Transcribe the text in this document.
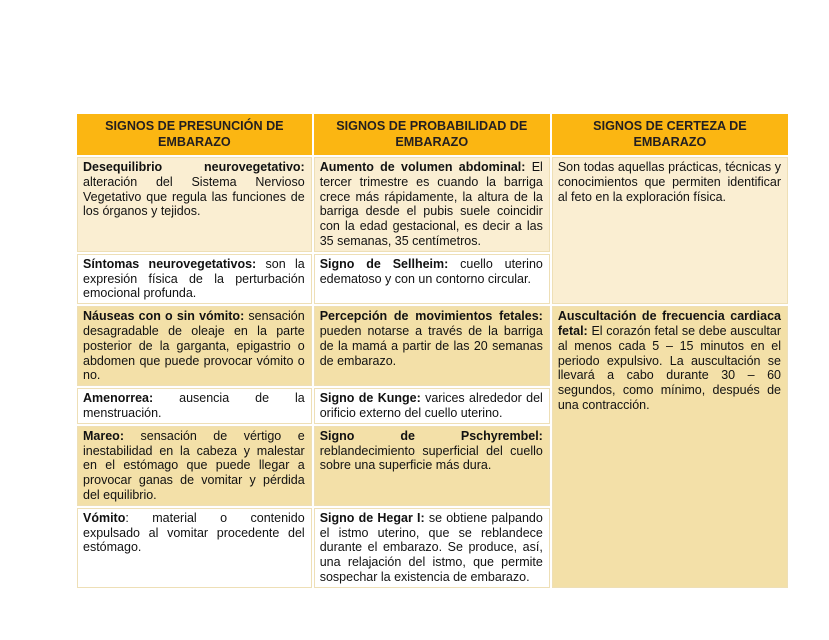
SIGNOS DE PRESUNCIÓN DE EMBARAZO	SIGNOS DE PROBABILIDAD DE EMBARAZO	SIGNOS DE CERTEZA DE EMBARAZO
Desequilibrio neurovegetativo: alteración del Sistema Nervioso Vegetativo que regula las funciones de los órganos y tejidos.	Aumento de volumen abdominal: El tercer trimestre es cuando la barriga crece más rápidamente, la altura de la barriga desde el pubis suele coincidir con la edad gestacional, es decir a las 35 semanas, 35 centímetros.	Son todas aquellas prácticas, técnicas y conocimientos que permiten identificar al feto en la exploración física.
Síntomas neurovegetativos: son la expresión física de la perturbación emocional profunda.	Signo de Sellheim: cuello uterino edematoso y con un contorno circular.	
Náuseas con o sin vómito: sensación desagradable de oleaje en la parte posterior de la garganta, epigastrio o abdomen que puede provocar vómito o no.	Percepción de movimientos fetales: pueden notarse a través de la barriga de la mamá a partir de las 20 semanas de embarazo.	Auscultación de frecuencia cardiaca fetal: El corazón fetal se debe auscultar al menos cada 5 – 15 minutos en el periodo expulsivo. La auscultación se llevará a cabo durante 30 – 60 segundos, como mínimo, después de una contracción.
Amenorrea: ausencia de la menstruación.	Signo de Kunge: varices alrededor del orificio externo del cuello uterino.	
Mareo: sensación de vértigo e inestabilidad en la cabeza y malestar en el estómago que puede llegar a provocar ganas de vomitar y pérdida del equilibrio.	Signo de Pschyrembel: reblandecimiento superficial del cuello sobre una superficie más dura.	
Vómito: material o contenido expulsado al vomitar procedente del estómago.	Signo de Hegar I: se obtiene palpando el istmo uterino, que se reblandece durante el embarazo. Se produce, así, una relajación del istmo, que permite sospechar la existencia de embarazo.	
